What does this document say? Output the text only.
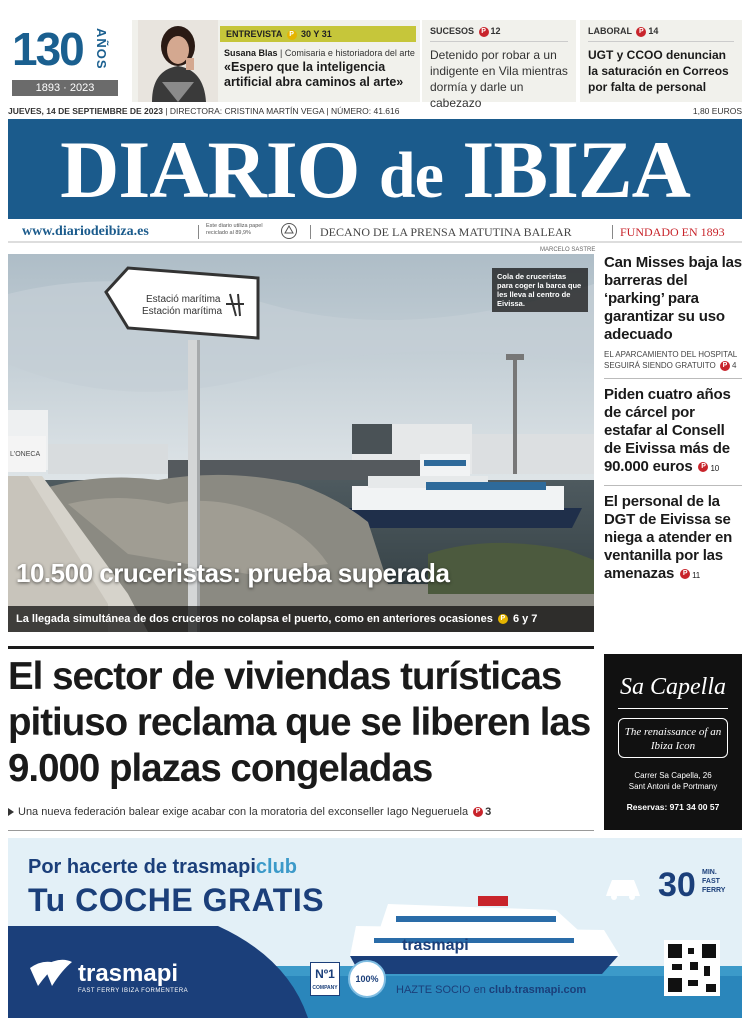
130 AÑOS
1893 · 2023
ENTREVISTA P 30 Y 31
Susana Blas | Comisaria e historiadora del arte
«Espero que la inteligencia artificial abra caminos al arte»
SUCESOS P 12
Detenido por robar a un indigente en Vila mientras dormía y darle un cabezazo
LABORAL P 14
UGT y CCOO denuncian la saturación en Correos por falta de personal
JUEVES, 14 DE SEPTIEMBRE DE 2023 | DIRECTORA: CRISTINA MARTÍN VEGA | NÚMERO: 41.616	1,80 EUROS
DIARIO de IBIZA
www.diariodeibiza.es	Este diario utiliza papel reciclado al 89,9%	DECANO DE LA PRENSA MATUTINA BALEAR	FUNDADO EN 1893
MARCELO SASTRE
Estació marítima
Estación marítima
L'ONECA
Cola de cruceristas para coger la barca que les lleva al centro de Eivissa.
10.500 cruceristas: prueba superada
La llegada simultánea de dos cruceros no colapsa el puerto, como en anteriores ocasiones P 6 y 7
Can Misses baja las barreras del ‘parking’ para garantizar su uso adecuado
EL APARCAMIENTO DEL HOSPITAL SEGUIRÁ SIENDO GRATUITO P 4
Piden cuatro años de cárcel por estafar al Consell de Eivissa más de 90.000 euros P 10
El personal de la DGT de Eivissa se niega a atender en ventanilla por las amenazas P 11
El sector de viviendas turísticas pitiuso reclama que se liberen las 9.000 plazas congeladas
Una nueva federación balear exige acabar con la moratoria del exconseller Iago Negueruela P 3
Sa Capella
The renaissance of an Ibiza Icon
Carrer Sa Capella, 26
Sant Antoni de Portmany
Reservas: 971 34 00 57
trasmapi
Por hacerte de trasmapiclub
Tu COCHE GRATIS	30 MIN.
FAST
FERRY
trasmapi
FAST FERRY IBIZA FORMENTERA
Nº1
COMPANY
100%
HAZTE SOCIO en club.trasmapi.com
